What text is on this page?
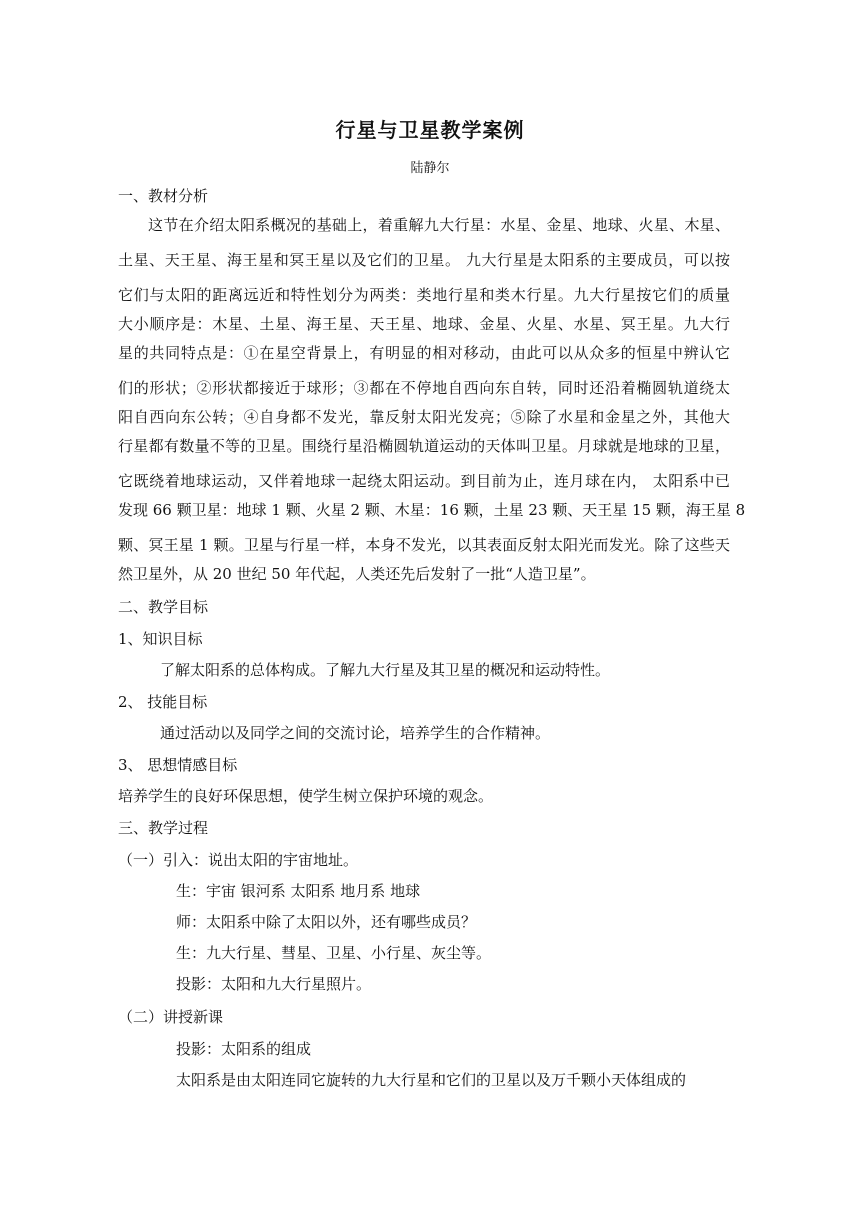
行星与卫星教学案例
陆静尔
一、教材分析
这节在介绍太阳系概况的基础上，着重解九大行星：水星、金星、地球、火星、木星、
土星、天王星、海王星和冥王星以及它们的卫星。 九大行星是太阳系的主要成员，可以按
它们与太阳的距离远近和特性划分为两类：类地行星和类木行星。九大行星按它们的质量
大小顺序是：木星、土星、海王星、天王星、地球、金星、火星、水星、冥王星。九大行
星的共同特点是：①在星空背景上，有明显的相对移动，由此可以从众多的恒星中辨认它
们的形状；②形状都接近于球形；③都在不停地自西向东自转，同时还沿着椭圆轨道绕太
阳自西向东公转；④自身都不发光，靠反射太阳光发亮；⑤除了水星和金星之外，其他大
行星都有数量不等的卫星。围绕行星沿椭圆轨道运动的天体叫卫星。月球就是地球的卫星，
它既绕着地球运动，又伴着地球一起绕太阳运动。到目前为止，连月球在内， 太阳系中已
发现 66 颗卫星：地球 1 颗、火星 2 颗、木星：16 颗，土星 23 颗、天王星 15 颗，海王星 8
颗、冥王星 1 颗。卫星与行星一样，本身不发光，以其表面反射太阳光而发光。除了这些天
然卫星外，从 20 世纪 50 年代起，人类还先后发射了一批“人造卫星”。
二、教学目标
1、知识目标
了解太阳系的总体构成。了解九大行星及其卫星的概况和运动特性。
2、 技能目标
通过活动以及同学之间的交流讨论，培养学生的合作精神。
3、 思想情感目标
培养学生的良好环保思想，使学生树立保护环境的观念。
三、教学过程
（一）引入：说出太阳的宇宙地址。
生：宇宙 银河系 太阳系 地月系 地球
师：太阳系中除了太阳以外，还有哪些成员？
生：九大行星、彗星、卫星、小行星、灰尘等。
投影：太阳和九大行星照片。
（二）讲授新课
投影：太阳系的组成
太阳系是由太阳连同它旋转的九大行星和它们的卫星以及万千颗小天体组成的
